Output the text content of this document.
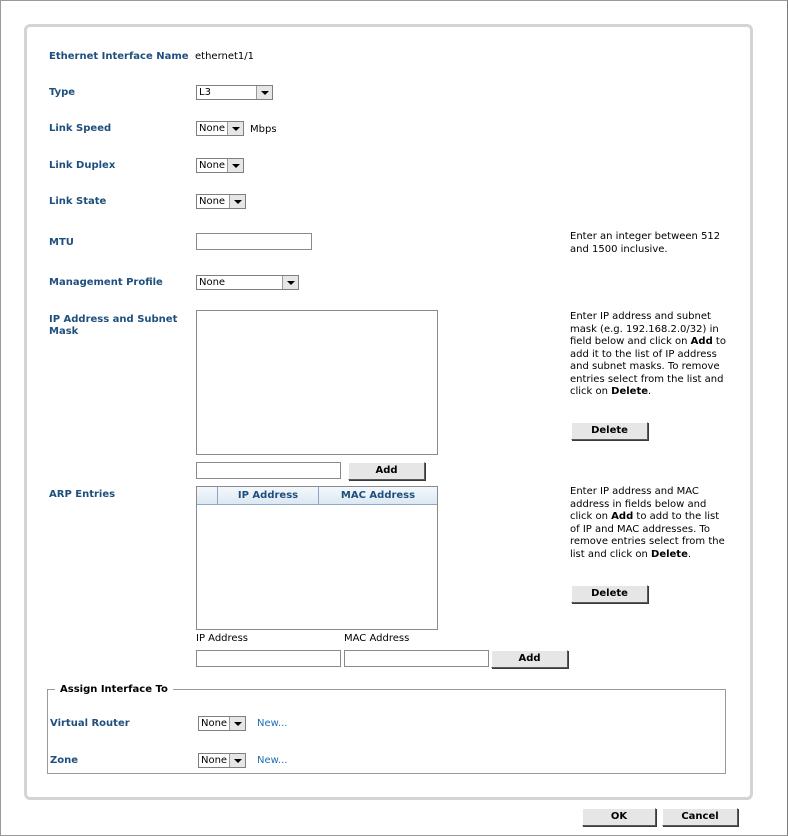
Ethernet Interface Name ethernet1/1
Type	L3
Link Speed	None	Mbps
Link Duplex	None
Link State	None
MTU
Enter an integer between 512 and 1500 inclusive.
Management Profile	None
IP Address and Subnet Mask
Enter IP address and subnet mask (e.g. 192.168.2.0/32) in field below and click on Add to add it to the list of IP address and subnet masks. To remove entries select from the list and click on Delete.
Delete
Add
ARP Entries	IP Address	MAC Address	Enter IP address and MAC address in fields below and click on Add to add to the list of IP and MAC addresses. To remove entries select from the list and click on Delete.
Delete
IP Address	MAC Address
Add
Assign Interface To
Virtual Router	None	New...
Zone	None	New...
OK	Cancel
